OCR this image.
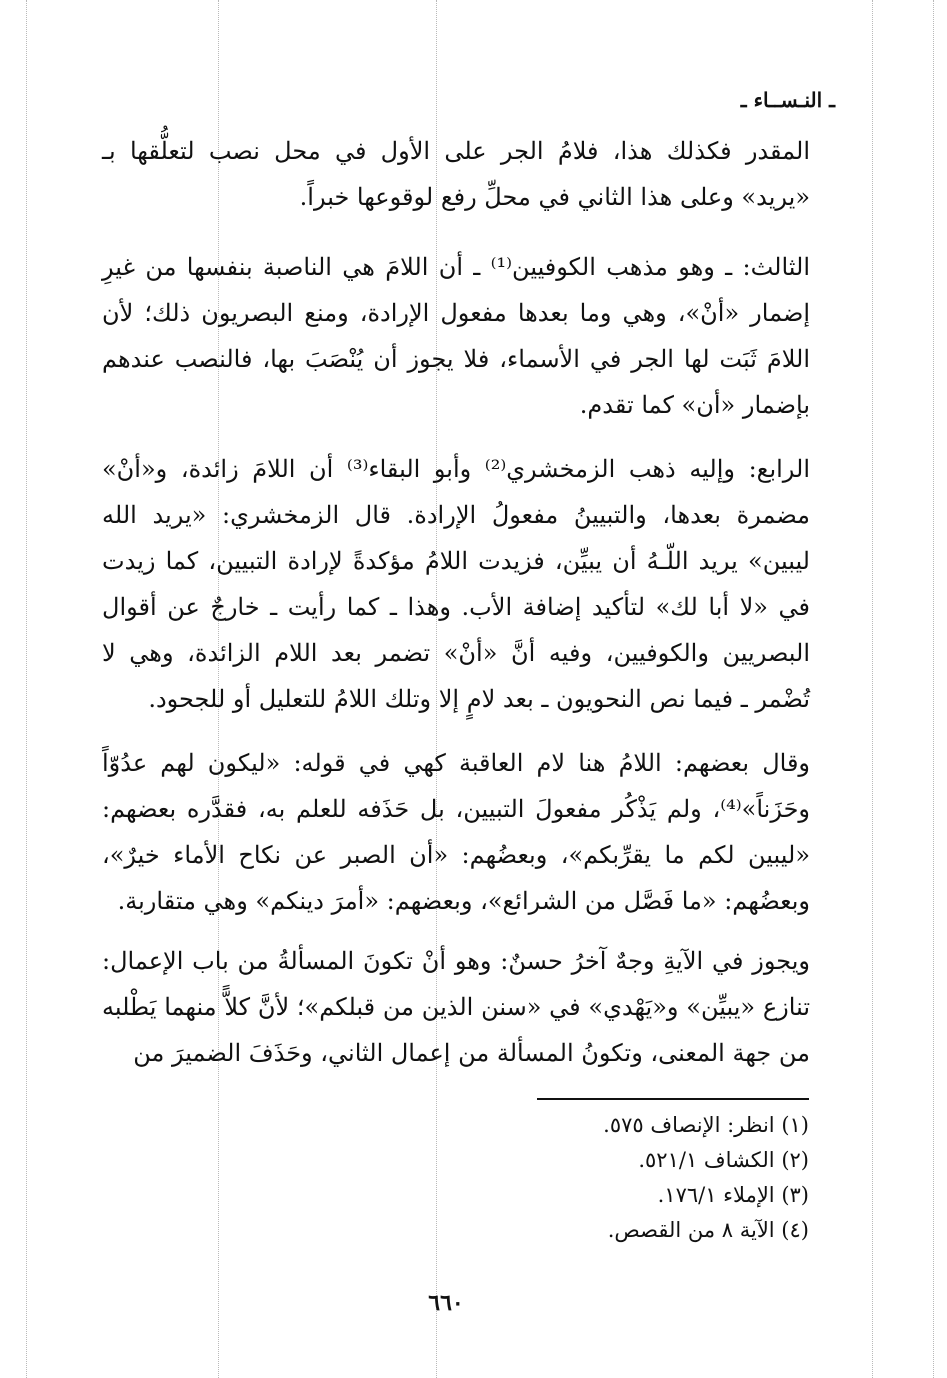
ـ النـســاء ـ

المقدر فكذلك هذا، فلامُ الجر على الأول في محل نصب لتعلُّقها بـ «يريد» وعلى هذا الثاني في محلِّ رفع لوقوعها خبراً.

الثالث: ـ وهو مذهب الكوفيين⁽¹⁾ ـ أن اللامَ هي الناصبة بنفسها من غيرِ إضمار «أنْ»، وهي وما بعدها مفعول الإرادة، ومنع البصريون ذلك؛ لأن اللامَ ثَبَت لها الجر في الأسماء، فلا يجوز أن يُنْصَبَ بها، فالنصب عندهم بإضمار «أن» كما تقدم.

الرابع: وإليه ذهب الزمخشري⁽²⁾ وأبو البقاء⁽³⁾ أن اللامَ زائدة، و«أنْ» مضمرة بعدها، والتبيينُ مفعولُ الإرادة. قال الزمخشري: «يريد الله ليبين» يريد اللّـهُ أن يبيِّن، فزيدت اللامُ مؤكدةً لإرادة التبيين، كما زيدت في «لا أبا لك» لتأكيد إضافة الأب. وهذا ـ كما رأيت ـ خارجٌ عن أقوال البصريين والكوفيين، وفيه أنَّ «أنْ» تضمر بعد اللام الزائدة، وهي لا تُضْمر ـ فيما نص النحويون ـ بعد لامٍ إلا وتلك اللامُ للتعليل أو للجحود.

وقال بعضهم: اللامُ هنا لام العاقبة كهي في قوله: «ليكون لهم عدُوّاً وحَزَناً»⁽⁴⁾، ولم يَذْكُر مفعولَ التبيين، بل حَذَفه للعلم به، فقدَّره بعضهم: «ليبين لكم ما يقرِّبكم»، وبعضُهم: «أن الصبر عن نكاح الأماء خيرٌ»، وبعضُهم: «ما فَصَّل من الشرائع»، وبعضهم: «أمرَ دينكم» وهي متقاربة.

ويجوز في الآيةِ وجهٌ آخرُ حسنٌ: وهو أنْ تكونَ المسألةُ من باب الإعمال: تنازع «يبيِّن» و«يَهْدي» في «سنن الذين من قبلكم»؛ لأنَّ كلاًّ منهما يَطْلبه من جهة المعنى، وتكونُ المسألة من إعمال الثاني، وحَذَفَ الضميرَ من

(١) انظر: الإنصاف ٥٧٥.
(٢) الكشاف ٥٢١/١.
(٣) الإملاء ١٧٦/١.
(٤) الآية ٨ من القصص.
٦٦٠
